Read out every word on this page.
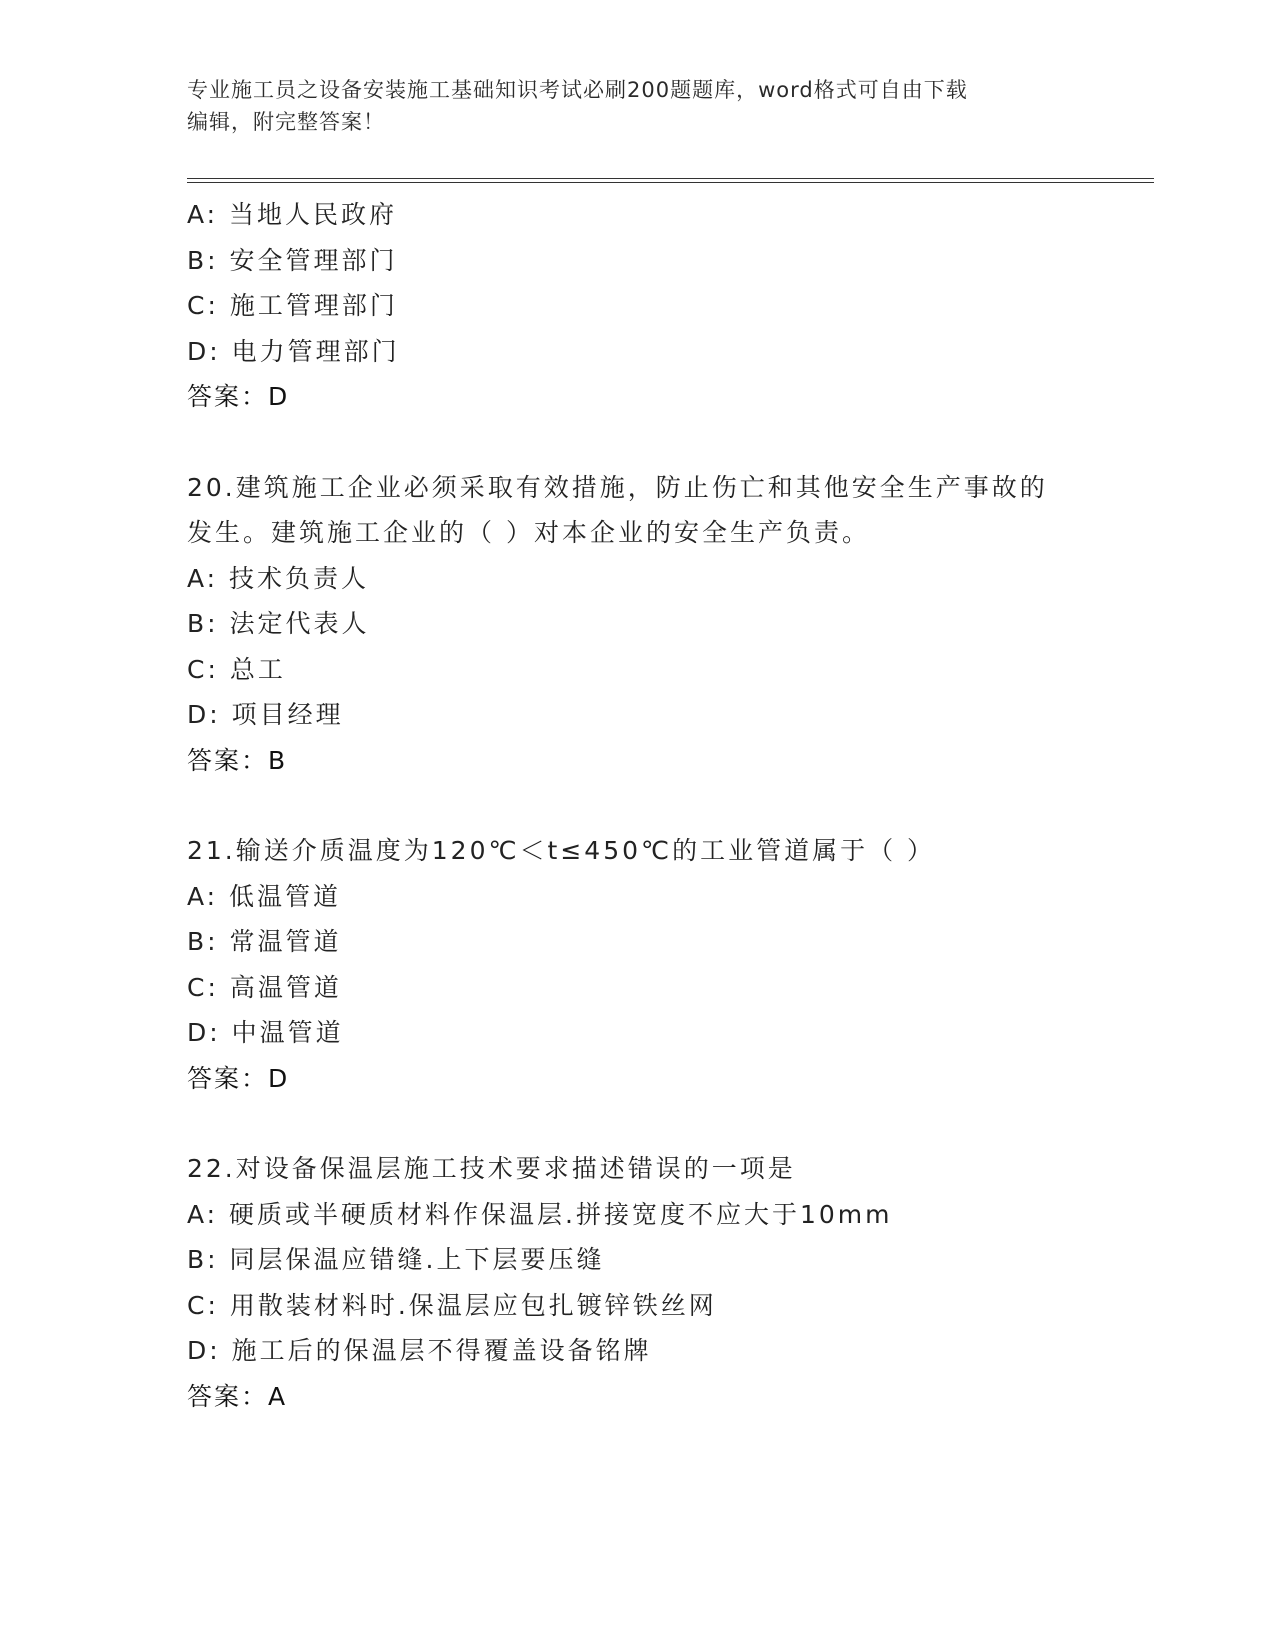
专业施工员之设备安装施工基础知识考试必刷200题题库，word格式可自由下载
编辑，附完整答案！
A: 当地人民政府
B: 安全管理部门
C: 施工管理部门
D: 电力管理部门
答案：D
20.建筑施工企业必须采取有效措施，防止伤亡和其他安全生产事故的
发生。建筑施工企业的（ ）对本企业的安全生产负责。
A: 技术负责人
B: 法定代表人
C: 总工
D: 项目经理
答案：B
21.输送介质温度为120℃＜t≤450℃的工业管道属于（ ）
A: 低温管道
B: 常温管道
C: 高温管道
D: 中温管道
答案：D
22.对设备保温层施工技术要求描述错误的一项是
A: 硬质或半硬质材料作保温层.拼接宽度不应大于10mm
B: 同层保温应错缝.上下层要压缝
C: 用散装材料时.保温层应包扎镀锌铁丝网
D: 施工后的保温层不得覆盖设备铭牌
答案：A
